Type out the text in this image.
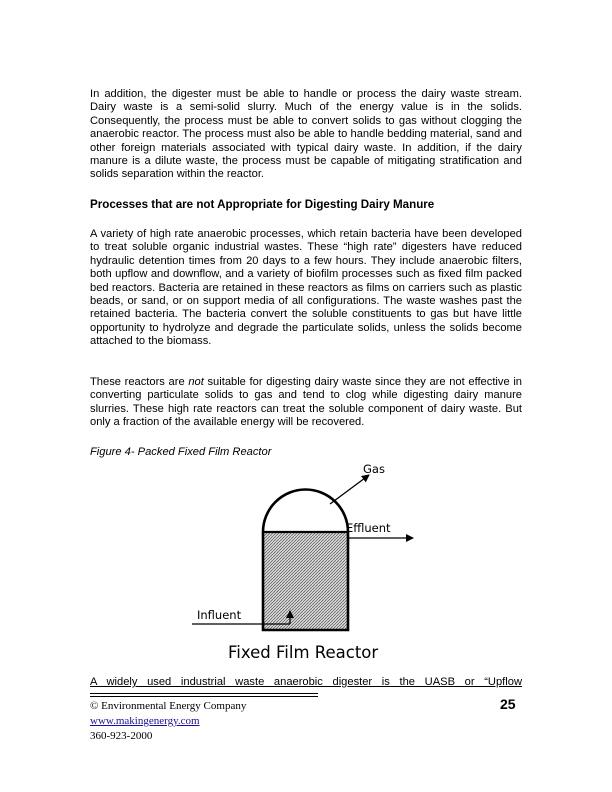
In addition, the digester must be able to handle or process the dairy waste stream. Dairy waste is a semi-solid slurry. Much of the energy value is in the solids. Consequently, the process must be able to convert solids to gas without clogging the anaerobic reactor. The process must also be able to handle bedding material, sand and other foreign materials associated with typical dairy waste. In addition, if the dairy manure is a dilute waste, the process must be capable of mitigating stratification and solids separation within the reactor.

Processes that are not Appropriate for Digesting Dairy Manure

A variety of high rate anaerobic processes, which retain bacteria have been developed to treat soluble organic industrial wastes. These “high rate” digesters have reduced hydraulic detention times from 20 days to a few hours. They include anaerobic filters, both upflow and downflow, and a variety of biofilm processes such as fixed film packed bed reactors. Bacteria are retained in these reactors as films on carriers such as plastic beads, or sand, or on support media of all configurations. The waste washes past the retained bacteria. The bacteria convert the soluble constituents to gas but have little opportunity to hydrolyze and degrade the particulate solids, unless the solids become attached to the biomass.

These reactors are not suitable for digesting dairy waste since they are not effective in converting particulate solids to gas and tend to clog while digesting dairy manure slurries. These high rate reactors can treat the soluble component of dairy waste. But only a fraction of the available energy will be recovered.

Figure 4- Packed Fixed Film Reactor

Gas
Effluent
Influent
Fixed Film Reactor

A widely used industrial waste anaerobic digester is the UASB or “Upflow

© Environmental Energy Company

www.makingenergy.com

360-923-2000

25
